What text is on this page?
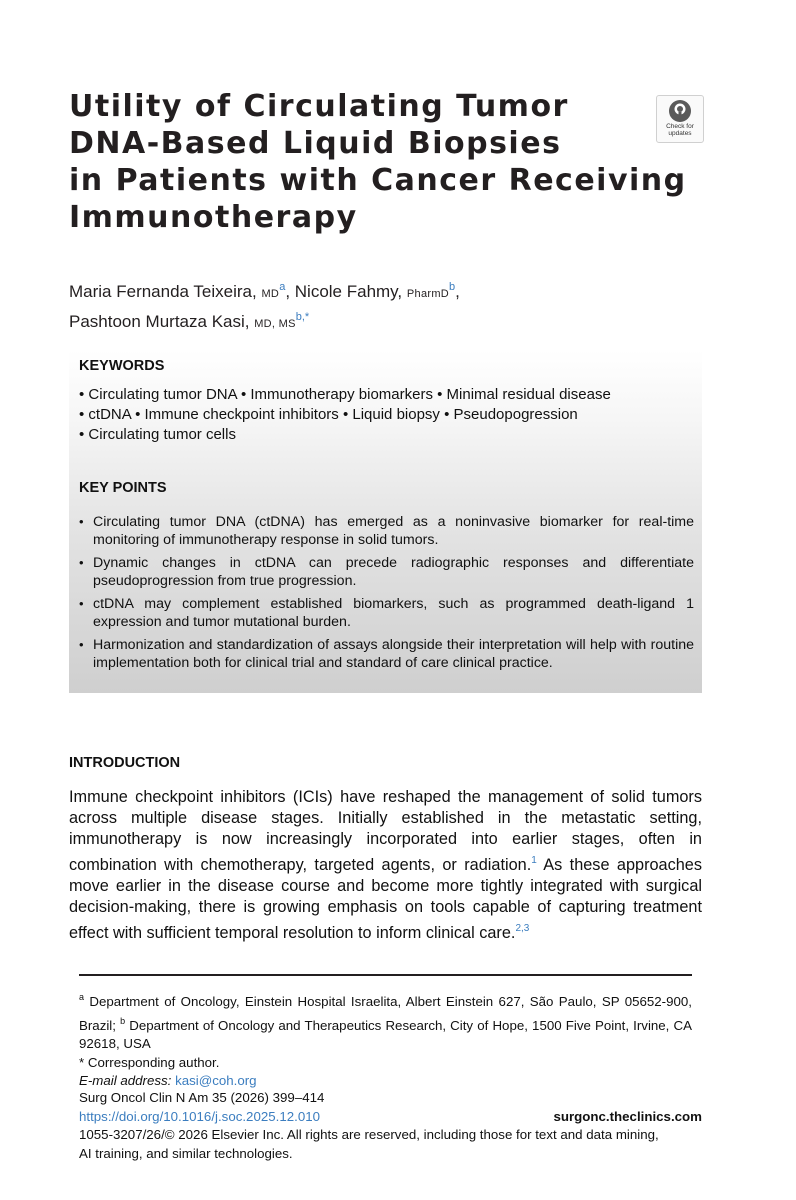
Utility of Circulating Tumor
DNA-Based Liquid Biopsies
in Patients with Cancer Receiving
Immunotherapy
Check for
updates
Maria Fernanda Teixeira, $MD^a$, Nicole Fahmy, PharmD$^b$,
Pashtoon Murtaza Kasi, MD, $MS^{b,*}$
KEYWORDS
• Circulating tumor DNA • Immunotherapy biomarkers • Minimal residual disease
• ctDNA • Immune checkpoint inhibitors • Liquid biopsy • Pseudopogression
• Circulating tumor cells
KEY POINTS
• Circulating tumor DNA (ctDNA) has emerged as a noninvasive biomarker for real-time monitoring of immunotherapy response in solid tumors.
• Dynamic changes in ctDNA can precede radiographic responses and differentiate pseudoprogression from true progression.
• ctDNA may complement established biomarkers, such as programmed death-ligand 1 expression and tumor mutational burden.
• Harmonization and standardization of assays alongside their interpretation will help with routine implementation both for clinical trial and standard of care clinical practice.
INTRODUCTION
Immune checkpoint inhibitors (ICIs) have reshaped the management of solid tumors across multiple disease stages. Initially established in the metastatic setting, immunotherapy is now increasingly incorporated into earlier stages, often in combination with chemotherapy, targeted agents, or radiation.$^1$ As these approaches move earlier in the disease course and become more tightly integrated with surgical decision-making, there is growing emphasis on tools capable of capturing treatment effect with sufficient temporal resolution to inform clinical care.$^{2,3}$

$^a$ Department of Oncology, Einstein Hospital Israelita, Albert Einstein 627, São Paulo, SP 05652-900, Brazil; $^b$ Department of Oncology and Therapeutics Research, City of Hope, 1500 Five Point, Irvine, CA 92618, USA

* Corresponding author.

E-mail address: kasi@coh.org

Surg Oncol Clin N Am 35 (2026) 399–414

https://doi.org/10.1016/j.soc.2025.12.010	surgonc.theclinics.com

1055-3207/26/© 2026 Elsevier Inc. All rights are reserved, including those for text and data mining,

AI training, and similar technologies.
